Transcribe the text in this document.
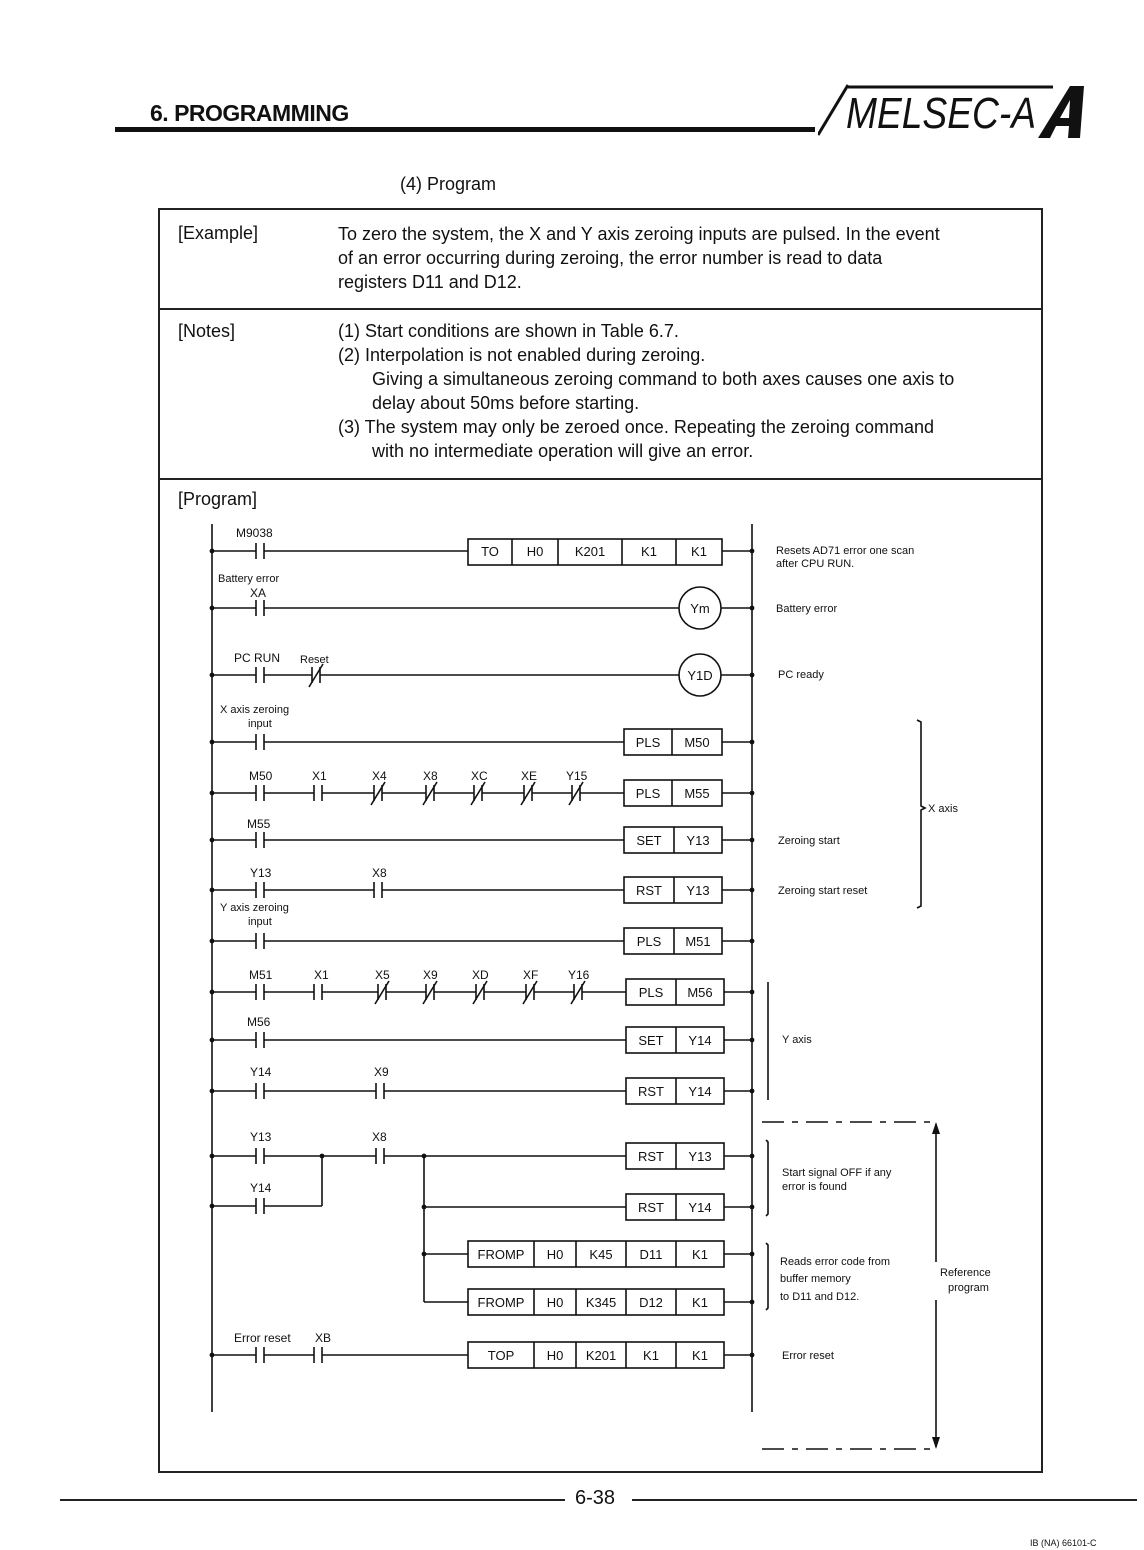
6. PROGRAMMING	MELSEC-A
(4) Program
[Example]	To zero the system, the X and Y axis zeroing inputs are pulsed. In the event
of an error occurring during zeroing, the error number is read to data
registers D11 and D12.
[Notes]	(1) Start conditions are shown in Table 6.7.
(2) Interpolation is not enabled during zeroing.
Giving a simultaneous zeroing command to both axes causes one axis to
delay about 50ms before starting.
(3) The system may only be zeroed once. Repeating the zeroing command
with no intermediate operation will give an error.
[Program]
M9038
Battery error
XA
PC RUN Reset
X axis zeroing
input
M50	X1	X4	X8	XC	XE Y15
M55
Y13	X8
Y axis zeroing
input
M51	X1	X5	X9	XD	XF Y16
M56
Y14	X9
Y13	X8
Y14
Error reset XB
TO H0 K201	K1	K1
Ym
Y1D
PLS M50
PLS M55
SET Y13
RST Y13
PLS M51
PLS M56
SET Y14
RST Y14
RST Y13
RST Y14
FROMP H0 K45 D11 K1
FROMP H0 K345 D12 K1
TOP H0 K201 K1	K1
Resets AD71 error one scan
after CPU RUN.
Battery error
PC ready
Zeroing start
Zeroing start reset
X axis
Y axis
Start signal OFF if any
error is found
Reads error code from
buffer memory
to D11 and D12.
Reference
program
Error reset
6-38
IB (NA) 66101-C
